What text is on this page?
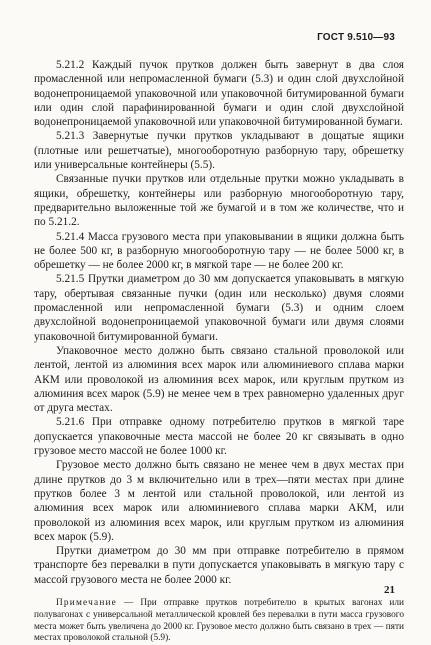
ГОСТ 9.510—93

5.21.2 Каждый пучок прутков должен быть завернут в два слоя промасленной или непромасленной бумаги (5.3) и один слой двухслойной водонепроницаемой упаковочной или упаковочной битумированной бумаги или один слой парафинированной бумаги и один слой двухслойной водонепроницаемой упаковочной или упаковочной битумированной бумаги.

5.21.3 Завернутые пучки прутков укладывают в дощатые ящики (плотные или решетчатые), многооборотную разборную тару, обрешетку или универсальные контейнеры (5.5).

Связанные пучки прутков или отдельные прутки можно укладывать в ящики, обрешетку, контейнеры или разборную многооборотную тару, предварительно выложенные той же бумагой и в том же количестве, что и по 5.21.2.

5.21.4 Масса грузового места при упаковывании в ящики должна быть не более 500 кг, в разборную многооборотную тару — не более 5000 кг, в обрешетку — не более 2000 кг, в мягкой таре — не более 200 кг.

5.21.5 Прутки диаметром до 30 мм допускается упаковывать в мягкую тару, обертывая связанные пучки (один или несколько) двумя слоями промасленной или непромасленной бумаги (5.3) и одним слоем двухслойной водонепроницаемой упаковочной бумаги или двумя слоями упаковочной битумированной бумаги.

Упаковочное место должно быть связано стальной проволокой или лентой, лентой из алюминия всех марок или алюминиевого сплава марки АКМ или проволокой из алюминия всех марок, или круглым прутком из алюминия всех марок (5.9) не менее чем в трех равномерно удаленных друг от друга местах.

5.21.6 При отправке одному потребителю прутков в мягкой таре допускается упаковочные места массой не более 20 кг связывать в одно грузовое место массой не более 1000 кг.

Грузовое место должно быть связано не менее чем в двух местах при длине прутков до 3 м включительно или в трех—пяти местах при длине прутков более 3 м лентой или стальной проволокой, или лентой из алюминия всех марок или алюминиевого сплава марки АКМ, или проволокой из алюминия всех марок, или круглым прутком из алюминия всех марок (5.9).

Прутки диаметром до 30 мм при отправке потребителю в прямом транспорте без перевалки в пути допускается упаковывать в мягкую тару с массой грузового места не более 2000 кг.

Примечание — При отправке прутков потребителю в крытых вагонах или полувагонах с универсальной металлической кровлей без перевалки в пути масса грузового места может быть увеличена до 2000 кг. Грузовое место должно быть связано в трех — пяти местах проволокой стальной (5.9).
21
